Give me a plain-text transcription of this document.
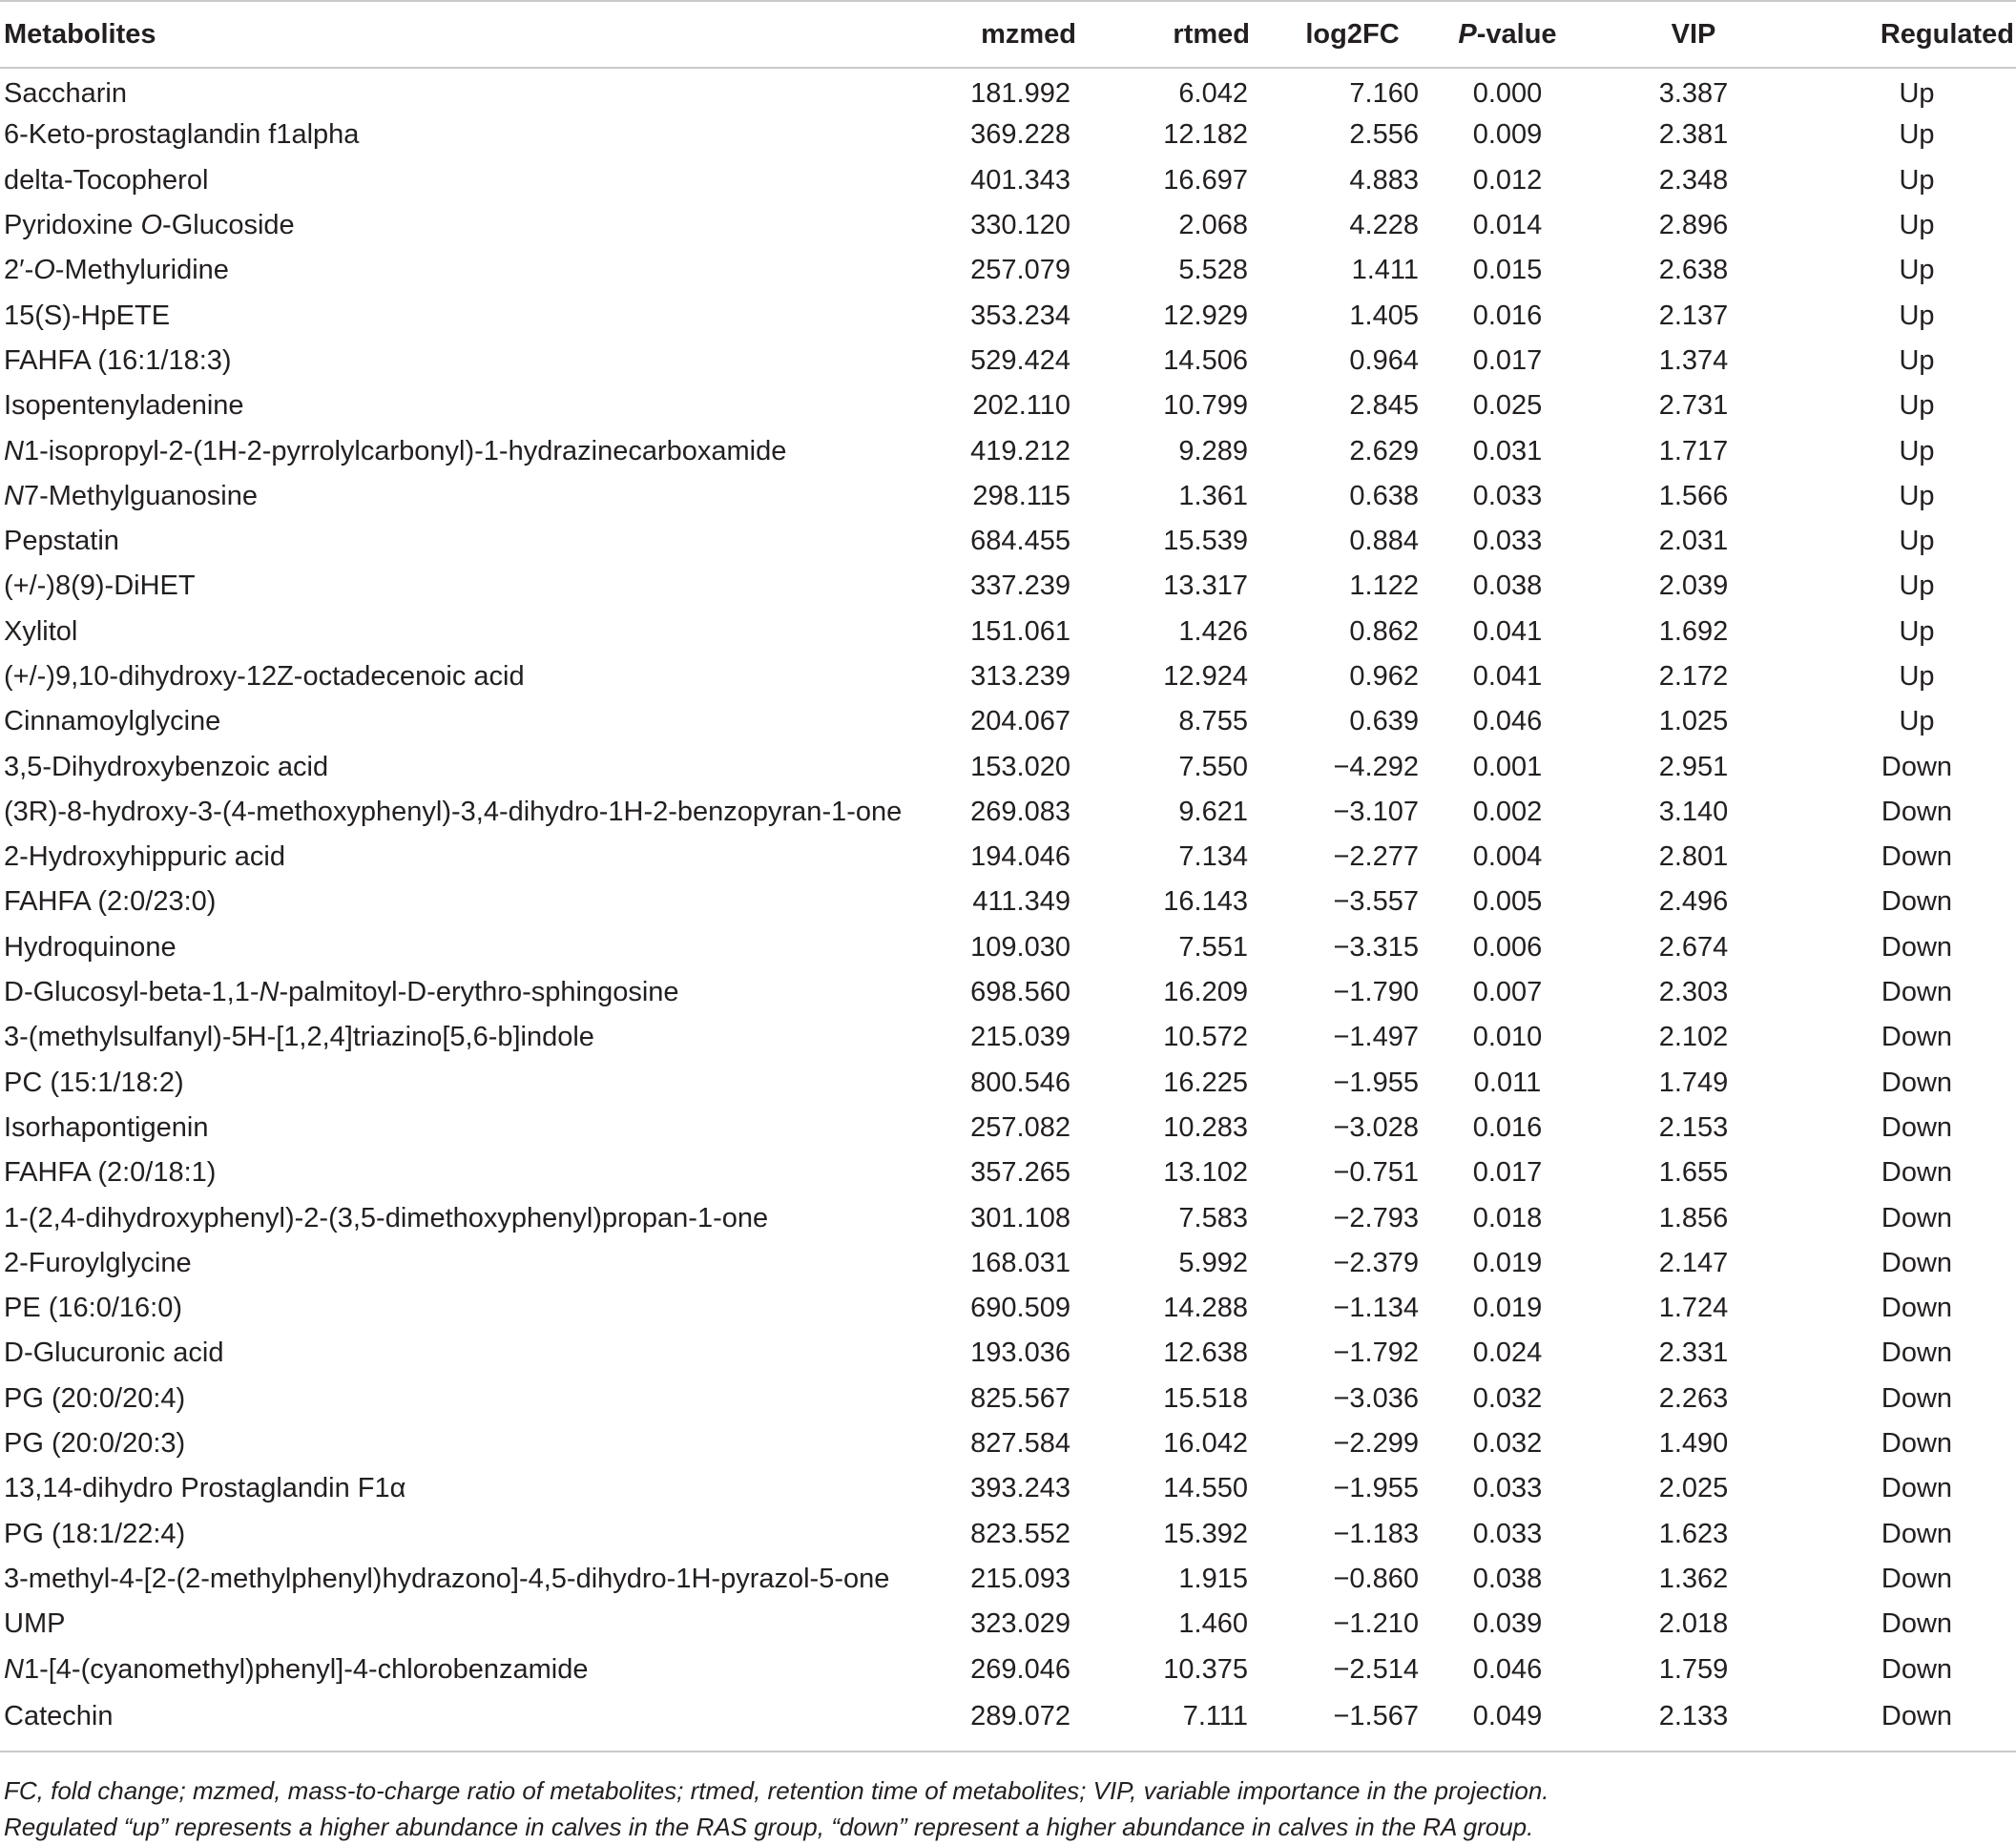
Metabolites	mzmed	rtmed	log2FC	P-value	VIP	Regulated
Saccharin	181.992	6.042	7.160	0.000	3.387	Up
6-Keto-prostaglandin f1alpha	369.228	12.182	2.556	0.009	2.381	Up
delta-Tocopherol	401.343	16.697	4.883	0.012	2.348	Up
Pyridoxine O-Glucoside	330.120	2.068	4.228	0.014	2.896	Up
2′-O-Methyluridine	257.079	5.528	1.411	0.015	2.638	Up
15(S)-HpETE	353.234	12.929	1.405	0.016	2.137	Up
FAHFA (16:1/18:3)	529.424	14.506	0.964	0.017	1.374	Up
Isopentenyladenine	202.110	10.799	2.845	0.025	2.731	Up
N1-isopropyl-2-(1H-2-pyrrolylcarbonyl)-1-hydrazinecarboxamide	419.212	9.289	2.629	0.031	1.717	Up
N7-Methylguanosine	298.115	1.361	0.638	0.033	1.566	Up
Pepstatin	684.455	15.539	0.884	0.033	2.031	Up
(+/-)8(9)-DiHET	337.239	13.317	1.122	0.038	2.039	Up
Xylitol	151.061	1.426	0.862	0.041	1.692	Up
(+/-)9,10-dihydroxy-12Z-octadecenoic acid	313.239	12.924	0.962	0.041	2.172	Up
Cinnamoylglycine	204.067	8.755	0.639	0.046	1.025	Up
3,5-Dihydroxybenzoic acid	153.020	7.550	−4.292	0.001	2.951	Down
(3R)-8-hydroxy-3-(4-methoxyphenyl)-3,4-dihydro-1H-2-benzopyran-1-one	269.083	9.621	−3.107	0.002	3.140	Down
2-Hydroxyhippuric acid	194.046	7.134	−2.277	0.004	2.801	Down
FAHFA (2:0/23:0)	411.349	16.143	−3.557	0.005	2.496	Down
Hydroquinone	109.030	7.551	−3.315	0.006	2.674	Down
D-Glucosyl-beta-1,1-N-palmitoyl-D-erythro-sphingosine	698.560	16.209	−1.790	0.007	2.303	Down
3-(methylsulfanyl)-5H-[1,2,4]triazino[5,6-b]indole	215.039	10.572	−1.497	0.010	2.102	Down
PC (15:1/18:2)	800.546	16.225	−1.955	0.011	1.749	Down
Isorhapontigenin	257.082	10.283	−3.028	0.016	2.153	Down
FAHFA (2:0/18:1)	357.265	13.102	−0.751	0.017	1.655	Down
1-(2,4-dihydroxyphenyl)-2-(3,5-dimethoxyphenyl)propan-1-one	301.108	7.583	−2.793	0.018	1.856	Down
2-Furoylglycine	168.031	5.992	−2.379	0.019	2.147	Down
PE (16:0/16:0)	690.509	14.288	−1.134	0.019	1.724	Down
D-Glucuronic acid	193.036	12.638	−1.792	0.024	2.331	Down
PG (20:0/20:4)	825.567	15.518	−3.036	0.032	2.263	Down
PG (20:0/20:3)	827.584	16.042	−2.299	0.032	1.490	Down
13,14-dihydro Prostaglandin F1α	393.243	14.550	−1.955	0.033	2.025	Down
PG (18:1/22:4)	823.552	15.392	−1.183	0.033	1.623	Down
3-methyl-4-[2-(2-methylphenyl)hydrazono]-4,5-dihydro-1H-pyrazol-5-one	215.093	1.915	−0.860	0.038	1.362	Down
UMP	323.029	1.460	−1.210	0.039	2.018	Down
N1-[4-(cyanomethyl)phenyl]-4-chlorobenzamide	269.046	10.375	−2.514	0.046	1.759	Down
Catechin	289.072	7.111	−1.567	0.049	2.133	Down

FC, fold change; mzmed, mass-to-charge ratio of metabolites; rtmed, retention time of metabolites; VIP, variable importance in the projection.

Regulated “up” represents a higher abundance in calves in the RAS group, “down” represent a higher abundance in calves in the RA group.
